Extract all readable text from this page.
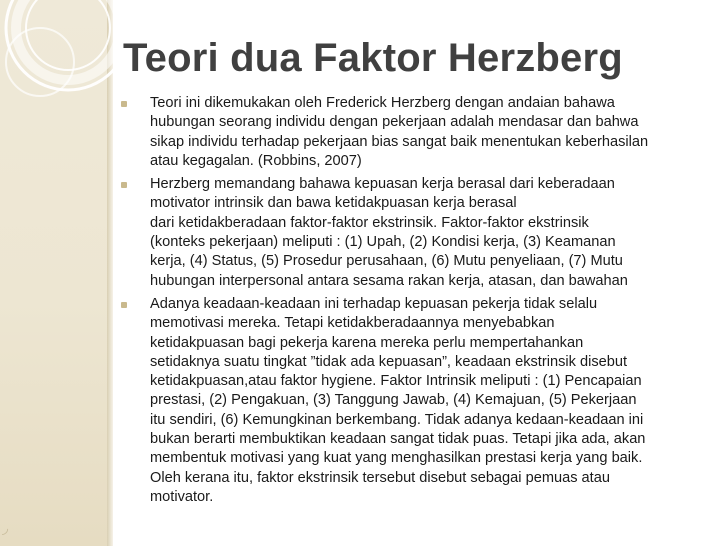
◞
Teori dua Faktor Herzberg
Teori ini dikemukakan oleh Frederick Herzberg dengan andaian bahawa
hubungan seorang individu dengan pekerjaan adalah mendasar dan bahwa
sikap individu terhadap pekerjaan bias sangat baik menentukan keberhasilan
atau kegagalan. (Robbins, 2007)
Herzberg memandang bahawa kepuasan kerja berasal dari keberadaan
motivator intrinsik dan bawa ketidakpuasan kerja berasal
dari ketidakberadaan faktor-faktor ekstrinsik. Faktor-faktor ekstrinsik
(konteks pekerjaan) meliputi : (1) Upah, (2) Kondisi kerja, (3) Keamanan
kerja, (4) Status, (5) Prosedur perusahaan, (6) Mutu penyeliaan, (7) Mutu
hubungan interpersonal antara sesama rakan kerja, atasan, dan bawahan
Adanya keadaan-keadaan ini terhadap kepuasan pekerja tidak selalu
memotivasi mereka. Tetapi ketidakberadaannya menyebabkan
ketidakpuasan bagi pekerja karena mereka perlu mempertahankan
setidaknya suatu tingkat ”tidak ada kepuasan”, keadaan ekstrinsik disebut
ketidakpuasan,atau faktor hygiene. Faktor Intrinsik meliputi : (1) Pencapaian
prestasi, (2) Pengakuan, (3) Tanggung Jawab, (4) Kemajuan, (5) Pekerjaan
itu sendiri, (6) Kemungkinan berkembang. Tidak adanya kedaan-keadaan ini
bukan berarti membuktikan keadaan sangat tidak puas. Tetapi jika ada, akan
membentuk motivasi yang kuat yang menghasilkan prestasi kerja yang baik.
Oleh kerana itu, faktor ekstrinsik tersebut disebut sebagai pemuas atau
motivator.
